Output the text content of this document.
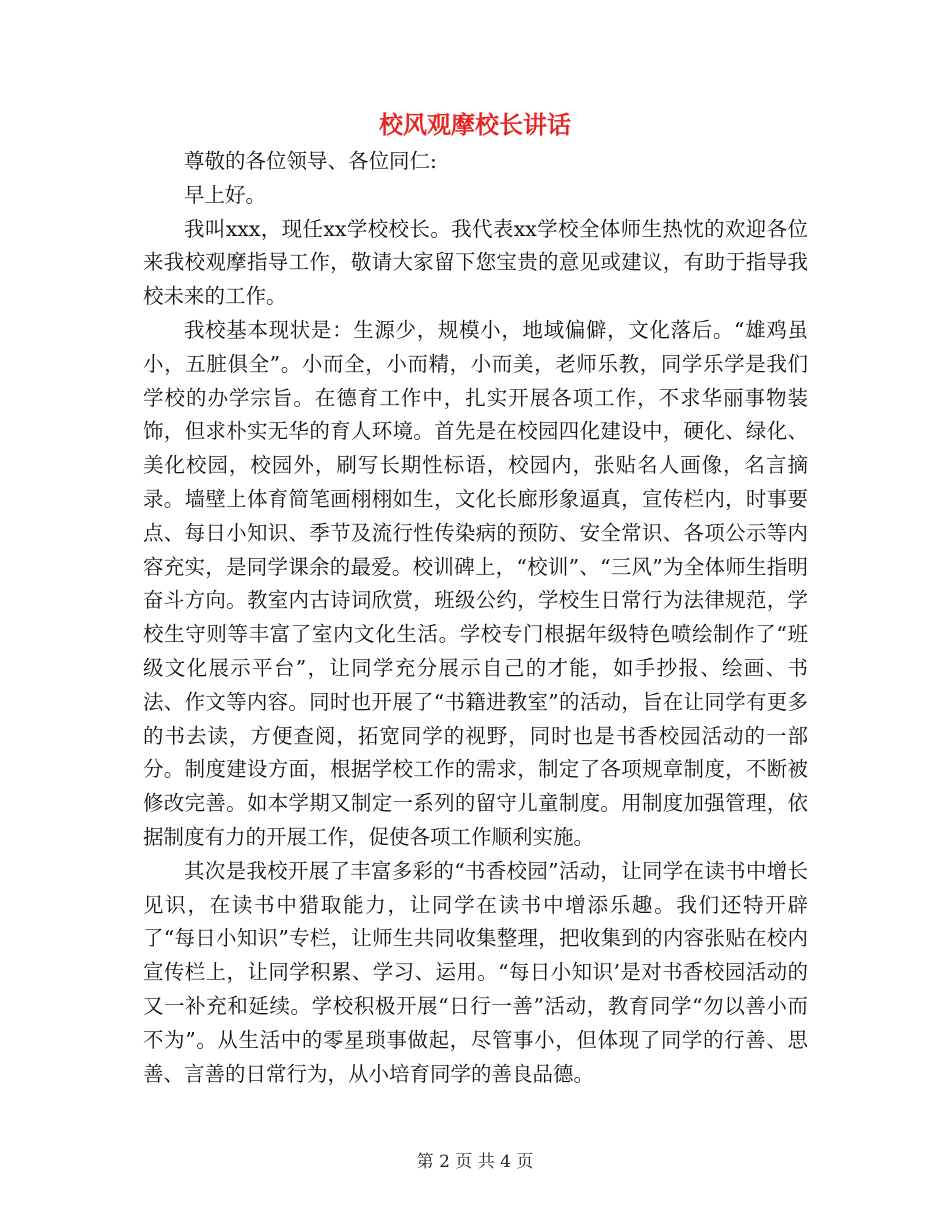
校风观摩校长讲话

尊敬的各位领导、各位同仁:

早上好。

我叫xxx，现任xx学校校长。我代表xx学校全体师生热忱的欢迎各位来我校观摩指导工作，敬请大家留下您宝贵的意见或建议，有助于指导我校未来的工作。

我校基本现状是：生源少，规模小，地域偏僻，文化落后。“雄鸡虽小，五脏俱全”。小而全，小而精，小而美，老师乐教，同学乐学是我们学校的办学宗旨。在德育工作中，扎实开展各项工作，不求华丽事物装饰，但求朴实无华的育人环境。首先是在校园四化建设中，硬化、绿化、美化校园，校园外，刷写长期性标语，校园内，张贴名人画像，名言摘录。墙壁上体育简笔画栩栩如生，文化长廊形象逼真，宣传栏内，时事要点、每日小知识、季节及流行性传染病的预防、安全常识、各项公示等内容充实，是同学课余的最爱。校训碑上，“校训”、“三风”为全体师生指明奋斗方向。教室内古诗词欣赏，班级公约，学校生日常行为法律规范，学校生守则等丰富了室内文化生活。学校专门根据年级特色喷绘制作了“班级文化展示平台”，让同学充分展示自己的才能，如手抄报、绘画、书法、作文等内容。同时也开展了“书籍进教室”的活动，旨在让同学有更多的书去读，方便查阅，拓宽同学的视野，同时也是书香校园活动的一部分。制度建设方面，根据学校工作的需求，制定了各项规章制度，不断被修改完善。如本学期又制定一系列的留守儿童制度。用制度加强管理，依据制度有力的开展工作，促使各项工作顺利实施。

其次是我校开展了丰富多彩的“书香校园”活动，让同学在读书中增长见识，在读书中猎取能力，让同学在读书中增添乐趣。我们还特开辟了“每日小知识”专栏，让师生共同收集整理，把收集到的内容张贴在校内宣传栏上，让同学积累、学习、运用。“每日小知识’是对书香校园活动的又一补充和延续。学校积极开展“日行一善”活动，教育同学“勿以善小而不为”。从生活中的零星琐事做起，尽管事小，但体现了同学的行善、思善、言善的日常行为，从小培育同学的善良品德。

第 2 页 共 4 页
